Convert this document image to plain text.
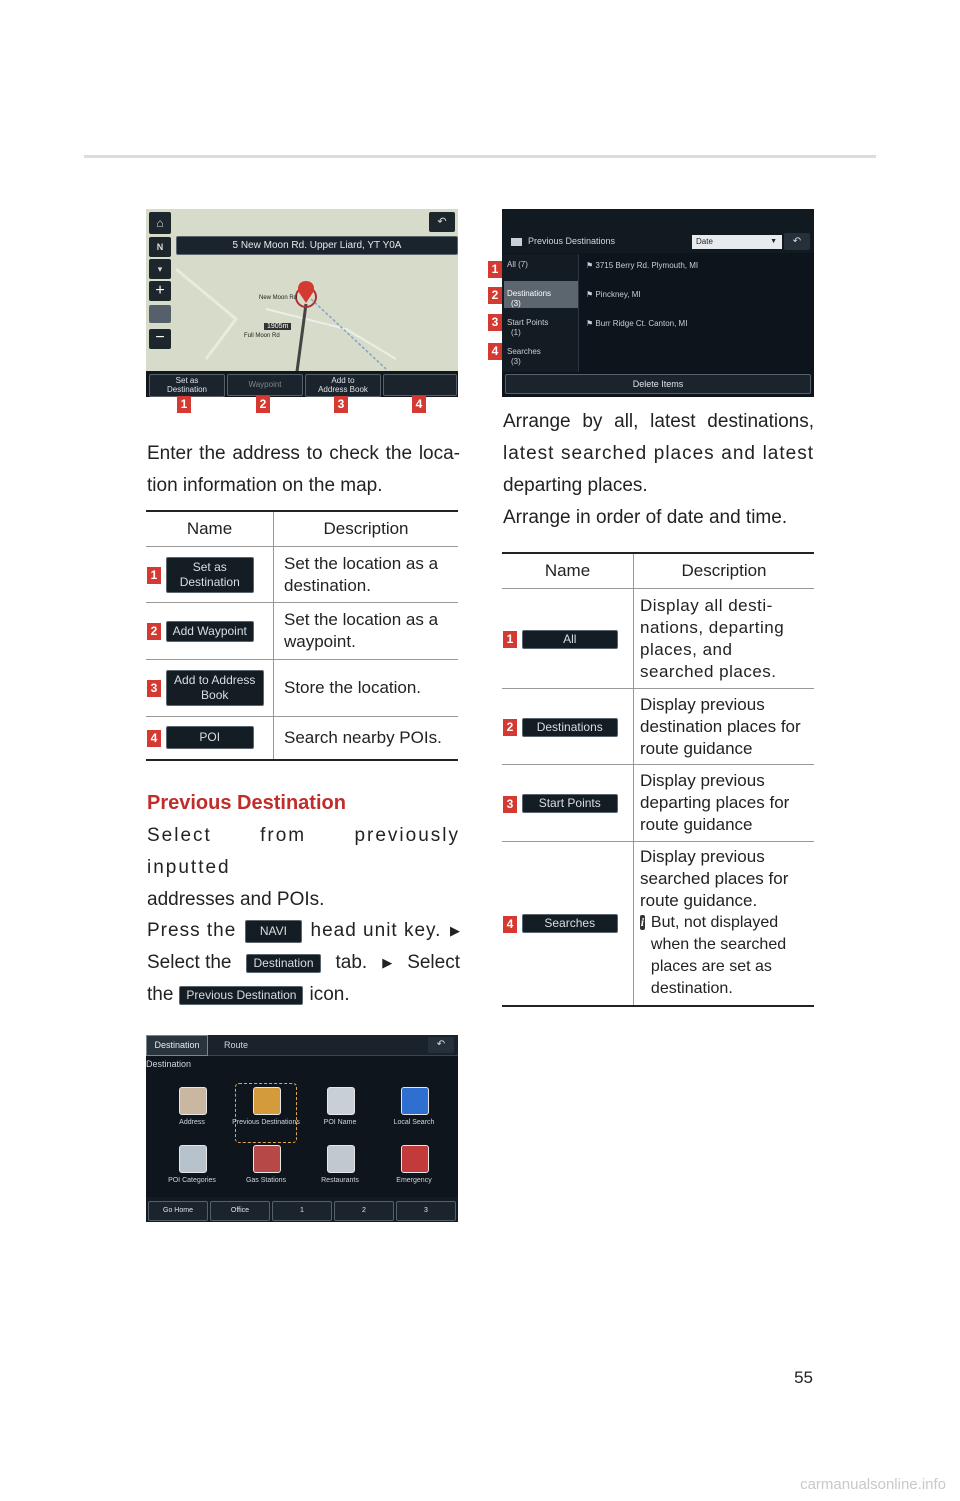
New Moon Rd
Full Moon Rd
1905m
⌂
N
▾
+
−
5 New Moon Rd. Upper Liard, YT Y0A
↶
Set as
Destination
Waypoint	Add to
Address Book
1	2	3	4

Enter the address to check the loca-

tion information on the map.

Name	Description
1 Set as Destination	Set the location as a destination.
2 Add Waypoint	Set the location as a waypoint.
3 Add to Address Book	Store the location.
4 POI	Search nearby POIs.
Previous Destination

Select from previously inputted

addresses and POIs.

Press the	NAVI	head unit key. ▶

Select the	Destination	tab. ▶ Select

the	Previous Destination icon.

Destination
Destination	Route	↶
Address	Previous Destinations	POI Name	Local Search
POI Categories	Gas Stations	Restaurants	Emergency
Go Home	Office	1	2	3
Previous Destinations	Date	▼	↶
All (7)
Destinations
(3)
Start Points
(1)
Searches
(3)
⚑ 3715 Berry Rd. Plymouth, MI
⚑ Pinckney, MI
⚑ Burr Ridge Ct. Canton, MI
Delete Items
1
2
3
4

Arrange by all, latest destinations,

latest searched places and latest

departing places.

Arrange in order of date and time.

Name	Description
1 All	Display all desti-nations, departing places, and searched places.
2 Destinations	Display previous destination places for route guidance
3 Start Points	Display previous departing places for route guidance
4 Searches	Display previous searched places for route guidance.
i But, not displayed when the searched places are set as destination.
55
carmanualsonline.info
